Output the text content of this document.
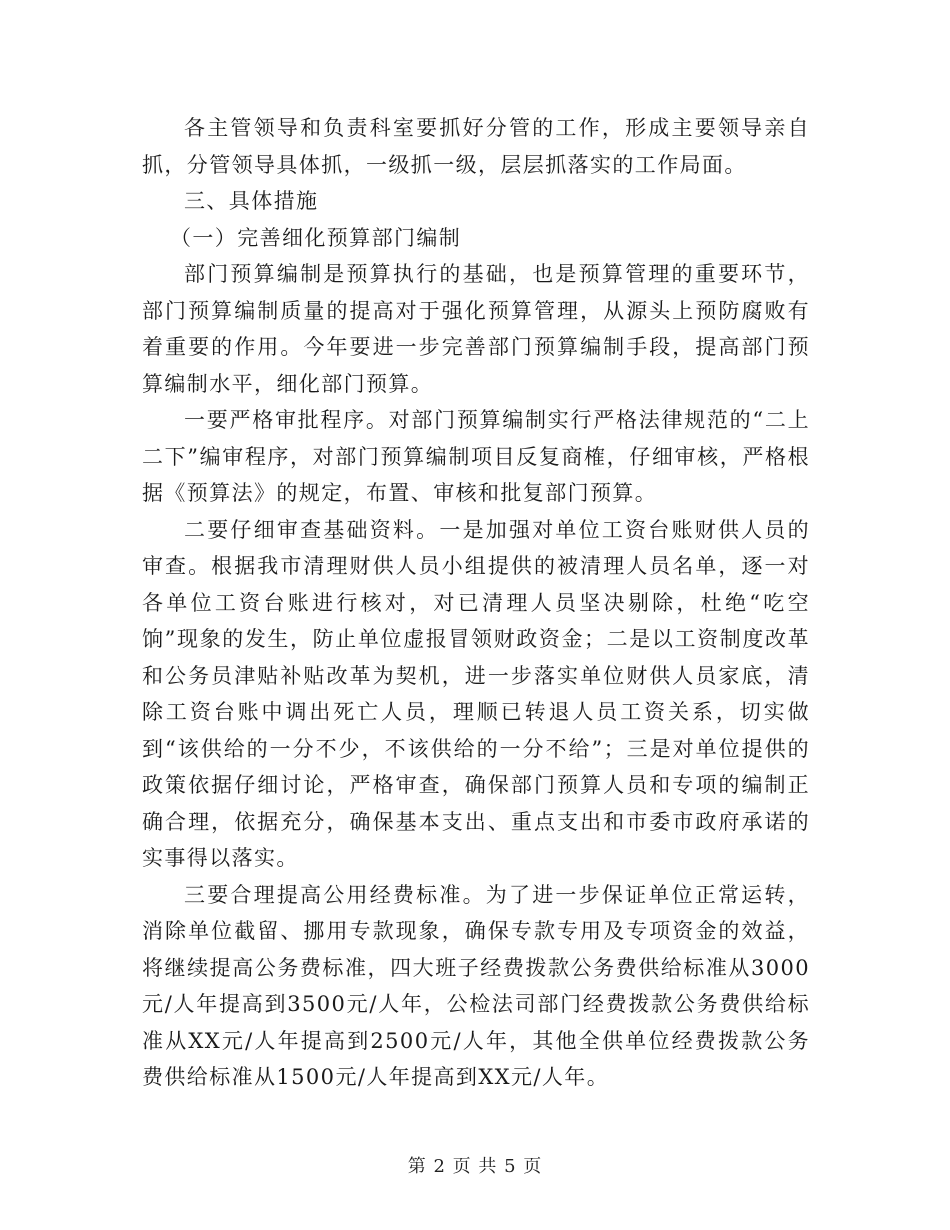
各主管领导和负责科室要抓好分管的工作，形成主要领导亲自抓，分管领导具体抓，一级抓一级，层层抓落实的工作局面。

三、具体措施

（一）完善细化预算部门编制

部门预算编制是预算执行的基础，也是预算管理的重要环节，部门预算编制质量的提高对于强化预算管理，从源头上预防腐败有着重要的作用。今年要进一步完善部门预算编制手段，提高部门预算编制水平，细化部门预算。

一要严格审批程序。对部门预算编制实行严格法律规范的“二上二下”编审程序，对部门预算编制项目反复商榷，仔细审核，严格根据《预算法》的规定，布置、审核和批复部门预算。

二要仔细审查基础资料。一是加强对单位工资台账财供人员的审查。根据我市清理财供人员小组提供的被清理人员名单，逐一对各单位工资台账进行核对，对已清理人员坚决剔除，杜绝“吃空饷”现象的发生，防止单位虚报冒领财政资金；二是以工资制度改革和公务员津贴补贴改革为契机，进一步落实单位财供人员家底，清除工资台账中调出死亡人员，理顺已转退人员工资关系，切实做到“该供给的一分不少，不该供给的一分不给”；三是对单位提供的政策依据仔细讨论，严格审查，确保部门预算人员和专项的编制正确合理，依据充分，确保基本支出、重点支出和市委市政府承诺的实事得以落实。

三要合理提高公用经费标准。为了进一步保证单位正常运转，消除单位截留、挪用专款现象，确保专款专用及专项资金的效益，将继续提高公务费标准，四大班子经费拨款公务费供给标准从3000元/人年提高到3500元/人年，公检法司部门经费拨款公务费供给标准从XX元/人年提高到2500元/人年，其他全供单位经费拨款公务费供给标准从1500元/人年提高到XX元/人年。

第 2 页 共 5 页
